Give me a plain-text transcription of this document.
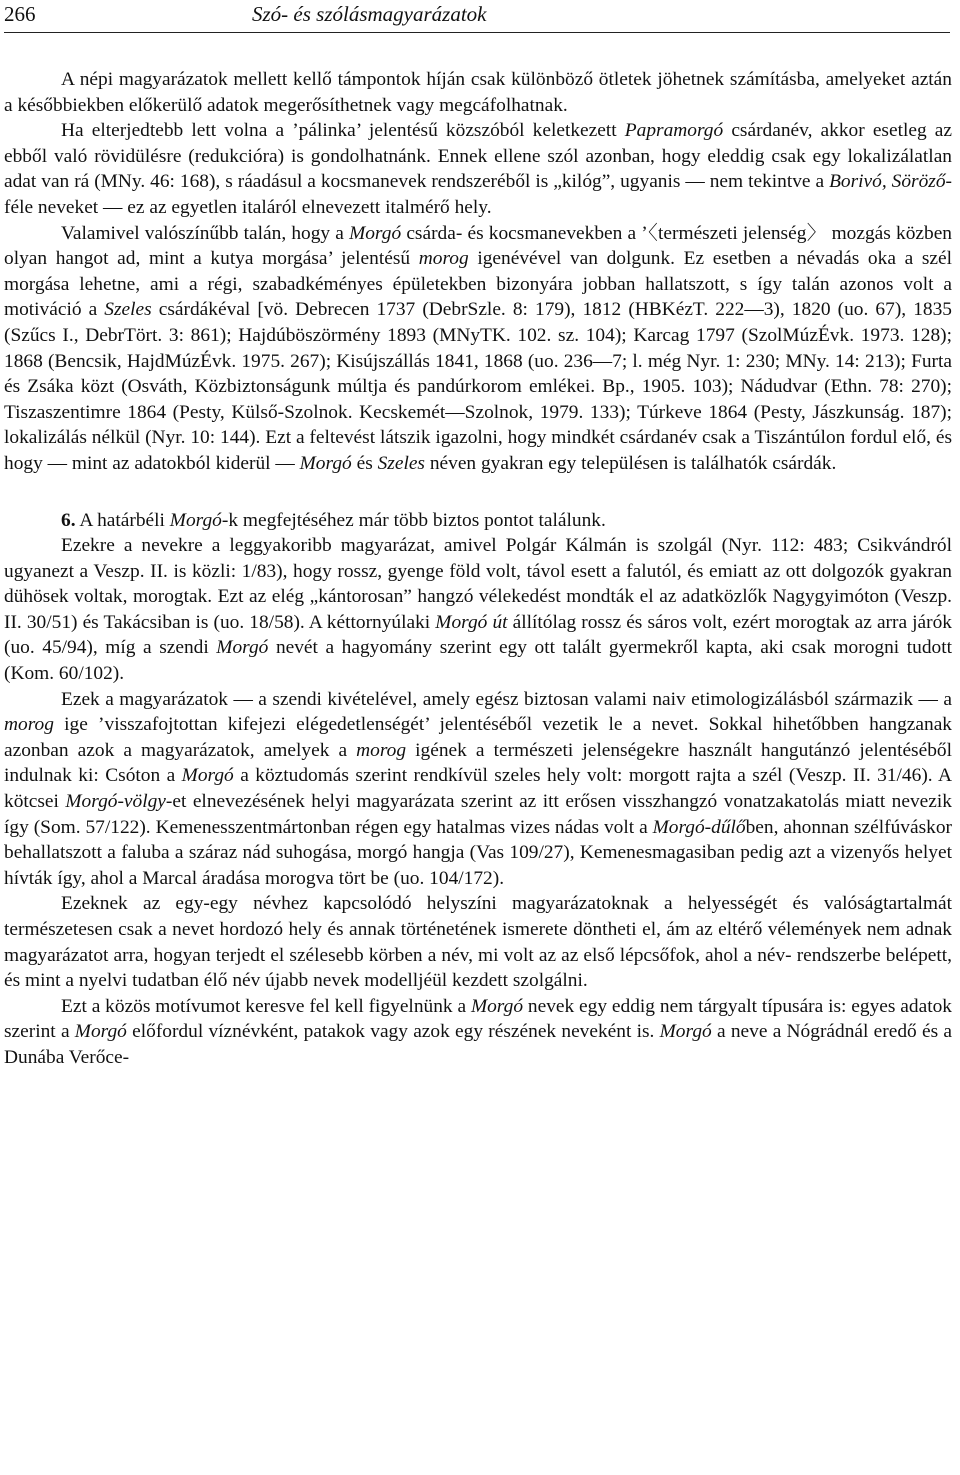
266	Szó- és szólásmagyarázatok

A népi magyarázatok mellett kellő támpontok híján csak különböző ötletek jöhetnek számításba, amelyeket aztán a későbbiekben előkerülő adatok megerősíthetnek vagy megcáfolhatnak.

Ha elterjedtebb lett volna a ’pálinka’ jelentésű közszóból keletkezett Papramorgó csárdanév, akkor esetleg az ebből való rövidülésre (redukcióra) is gondolhatnánk. Ennek ellene szól azonban, hogy eleddig csak egy lokalizálatlan adat van rá (MNy. 46: 168), s ráadásul a kocsmanevek rendszeréből is „kilóg”, ugyanis — nem tekintve a Borivó, Söröző-féle neveket — ez az egyetlen italáról elnevezett italmérő hely.

Valamivel valószínűbb talán, hogy a Morgó csárda- és kocsmanevekben a ’〈természeti jelenség〉 mozgás közben olyan hangot ad, mint a kutya morgása’ jelentésű morog igenévével van dolgunk. Ez esetben a névadás oka a szél morgása lehetne, ami a régi, szabadkéményes épületekben bizonyára jobban hallatszott, s így talán azonos volt a motiváció a Szeles csárdákéval [vö. Debrecen 1737 (DebrSzle. 8: 179), 1812 (HBKézT. 222—3), 1820 (uo. 67), 1835 (Szűcs I., DebrTört. 3: 861); Hajdúböszörmény 1893 (MNyTK. 102. sz. 104); Karcag 1797 (SzolMúzÉvk. 1973. 128); 1868 (Bencsik, HajdMúzÉvk. 1975. 267); Kisújszállás 1841, 1868 (uo. 236—7; l. még Nyr. 1: 230; MNy. 14: 213); Furta és Zsáka közt (Osváth, Közbiztonságunk múltja és pandúrkorom emlékei. Bp., 1905. 103); Nádudvar (Ethn. 78: 270); Tiszaszentimre 1864 (Pesty, Külső-Szolnok. Kecskemét—Szolnok, 1979. 133); Túrkeve 1864 (Pesty, Jászkunság. 187); lokalizálás nélkül (Nyr. 10: 144). Ezt a feltevést látszik igazolni, hogy mindkét csárdanév csak a Tiszántúlon fordul elő, és hogy — mint az adatokból kiderül — Morgó és Szeles néven gyakran egy településen is találhatók csárdák.

6. A határbéli Morgó-k megfejtéséhez már több biztos pontot találunk.

Ezekre a nevekre a leggyakoribb magyarázat, amivel Polgár Kálmán is szolgál (Nyr. 112: 483; Csikvándról ugyanezt a Veszp. II. is közli: 1/83), hogy rossz, gyenge föld volt, távol esett a falutól, és emiatt az ott dolgozók gyakran dühösek voltak, morogtak. Ezt az elég „kántorosan” hangzó vélekedést mondták el az adatközlők Nagygyimóton (Veszp. II. 30/51) és Takácsiban is (uo. 18/58). A kéttornyúlaki Morgó út állítólag rossz és sáros volt, ezért morogtak az arra járók (uo. 45/94), míg a szendi Morgó nevét a hagyomány szerint egy ott talált gyermekről kapta, aki csak morogni tudott (Kom. 60/102).

Ezek a magyarázatok — a szendi kivételével, amely egész biztosan valami naiv etimologizálásból származik — a morog ige ’visszafojtottan kifejezi elégedetlenségét’ jelentéséből vezetik le a nevet. Sokkal hihetőbben hangzanak azonban azok a magyarázatok, amelyek a morog igének a természeti jelenségekre használt hangutánzó jelentéséből indulnak ki: Csóton a Morgó a köztudomás szerint rendkívül szeles hely volt: morgott rajta a szél (Veszp. II. 31/46). A kötcsei Morgó-völgy-et elnevezésének helyi magyarázata szerint az itt erősen visszhangzó vonatzakatolás miatt nevezik így (Som. 57/122). Kemenesszentmártonban régen egy hatalmas vizes nádas volt a Morgó-dűlőben, ahonnan szélfúváskor behallatszott a faluba a száraz nád suhogása, morgó hangja (Vas 109/27), Kemenesmagasiban pedig azt a vizenyős helyet hívták így, ahol a Marcal áradása morogva tört be (uo. 104/172).

Ezeknek az egy-egy névhez kapcsolódó helyszíni magyarázatoknak a helyességét és valóságtartalmát természetesen csak a nevet hordozó hely és annak történetének ismerete döntheti el, ám az eltérő vélemények nem adnak magyarázatot arra, hogyan terjedt el szélesebb körben a név, mi volt az az első lépcsőfok, ahol a név- rendszerbe belépett, és mint a nyelvi tudatban élő név újabb nevek modelljéül kezdett szolgálni.

Ezt a közös motívumot keresve fel kell figyelnünk a Morgó nevek egy eddig nem tárgyalt típusára is: egyes adatok szerint a Morgó előfordul víznévként, patakok vagy azok egy részének neveként is. Morgó a neve a Nógrádnál eredő és a Dunába Verőce-
